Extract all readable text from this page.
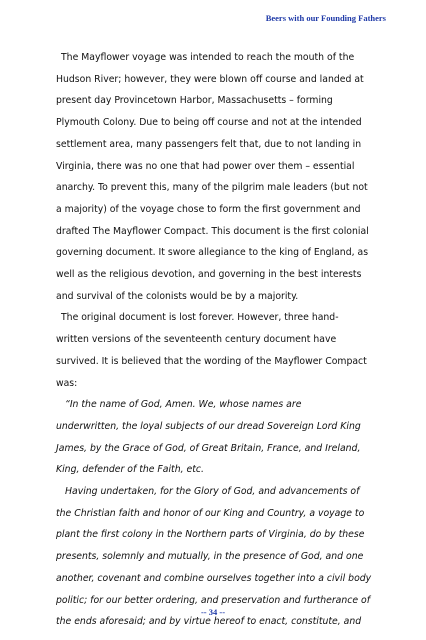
Beers with our Founding Fathers

The Mayflower voyage was intended to reach the mouth of the

Hudson River; however, they were blown off course and landed at

present day Provincetown Harbor, Massachusetts – forming

Plymouth Colony. Due to being off course and not at the intended

settlement area, many passengers felt that, due to not landing in

Virginia, there was no one that had power over them – essential

anarchy. To prevent this, many of the pilgrim male leaders (but not

a majority) of the voyage chose to form the first government and

drafted The Mayflower Compact. This document is the first colonial

governing document. It swore allegiance to the king of England, as

well as the religious devotion, and governing in the best interests

and survival of the colonists would be by a majority.

The original document is lost forever. However, three hand-

written versions of the seventeenth century document have

survived. It is believed that the wording of the Mayflower Compact

was:

“In the name of God, Amen. We, whose names are

underwritten, the loyal subjects of our dread Sovereign Lord King

James, by the Grace of God, of Great Britain, France, and Ireland,

King, defender of the Faith, etc.

Having undertaken, for the Glory of God, and advancements of

the Christian faith and honor of our King and Country, a voyage to

plant the first colony in the Northern parts of Virginia, do by these

presents, solemnly and mutually, in the presence of God, and one

another, covenant and combine ourselves together into a civil body

politic; for our better ordering, and preservation and furtherance of

the ends aforesaid; and by virtue hereof to enact, constitute, and

-- 34 --
